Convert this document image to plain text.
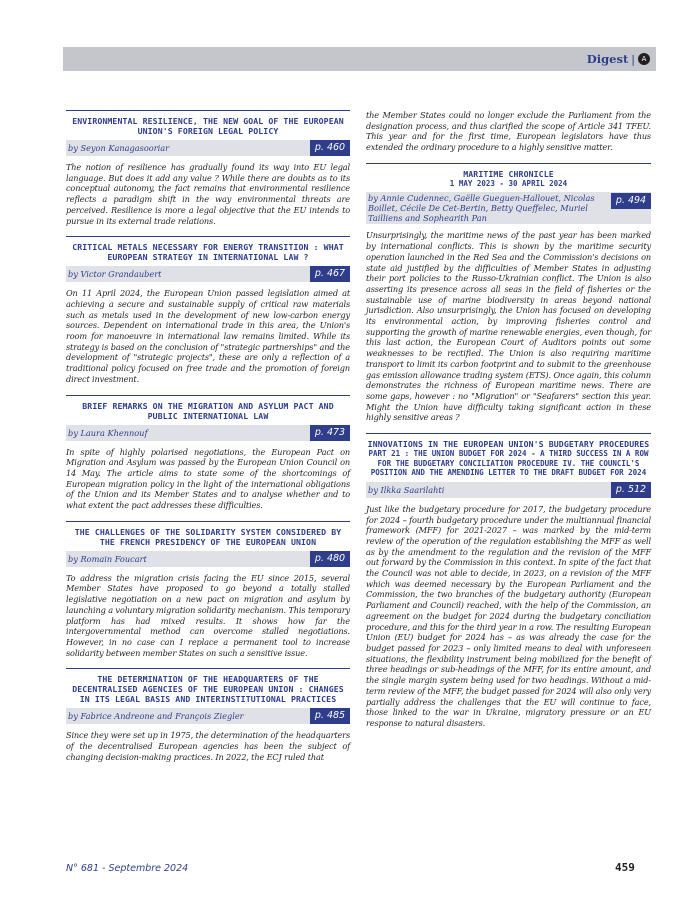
Digest | A
ENVIRONMENTAL RESILIENCE, THE NEW GOAL OF THE EUROPEAN UNION'S FOREIGN LEGAL POLICY
by Seyon Kanagasooriar	p. 460

The notion of resilience has gradually found its way into EU legal language. But does it add any value ? While there are doubts as to its conceptual autonomy, the fact remains that environmental resilience reflects a paradigm shift in the way environmental threats are perceived. Resilience is more a legal objective that the EU intends to pursue in its external trade relations.

CRITICAL METALS NECESSARY FOR ENERGY TRANSITION : WHAT EUROPEAN STRATEGY IN INTERNATIONAL LAW ?
by Victor Grandaubert	p. 467

On 11 April 2024, the European Union passed legislation aimed at achieving a secure and sustainable supply of critical raw materials such as metals used in the development of new low-carbon energy sources. Dependent on international trade in this area, the Union's room for manoeuvre in international law remains limited. While its strategy is based on the conclusion of "strategic partnerships" and the development of "strategic projects", these are only a reflection of a traditional policy focused on free trade and the promotion of foreign direct investment.

BRIEF REMARKS ON THE MIGRATION AND ASYLUM PACT AND PUBLIC INTERNATIONAL LAW
by Laura Khennouf	p. 473

In spite of highly polarised negotiations, the European Pact on Migration and Asylum was passed by the European Union Council on 14 May. The article aims to state some of the shortcomings of European migration policy in the light of the international obligations of the Union and its Member States and to analyse whether and to what extent the pact addresses these difficulties.

THE CHALLENGES OF THE SOLIDARITY SYSTEM CONSIDERED BY THE FRENCH PRESIDENCY OF THE EUROPEAN UNION
by Romain Foucart	p. 480

To address the migration crisis facing the EU since 2015, several Member States have proposed to go beyond a totally stalled legislative negotiation on a new pact on migration and asylum by launching a voluntary migration solidarity mechanism. This temporary platform has had mixed results. It shows how far the intergovernmental method can overcome stalled negotiations. However, in no case can I replace a permanent tool to increase solidarity between member States on such a sensitive issue.

THE DETERMINATION OF THE HEADQUARTERS OF THE DECENTRALISED AGENCIES OF THE EUROPEAN UNION : CHANGES IN ITS LEGAL BASIS AND INTERINSTITUTIONAL PRACTICES
by Fabrice Andreone and François Ziegler	p. 485

Since they were set up in 1975, the determination of the headquarters of the decentralised European agencies has been the subject of changing decision-making practices. In 2022, the ECJ ruled that

the Member States could no longer exclude the Parliament from the designation process, and thus clarified the scope of Article 341 TFEU. This year and for the first time, European legislators have thus extended the ordinary procedure to a highly sensitive matter.

MARITIME CHRONICLE
1 MAY 2023 - 30 APRIL 2024
by Annie Cudennec, Gaëlle Gueguen-Hallouet, Nicolas Boillet, Cécile De Cet-Bertin, Betty Queffelec, Muriel Tailliens and Sophearith Pan
p. 494

Unsurprisingly, the maritime news of the past year has been marked by international conflicts. This is shown by the maritime security operation launched in the Red Sea and the Commission's decisions on state aid justified by the difficulties of Member States in adjusting their port policies to the Russo-Ukrainian conflict. The Union is also asserting its presence across all seas in the field of fisheries or the sustainable use of marine biodiversity in areas beyond national jurisdiction. Also unsurprisingly, the Union has focused on developing its environmental action, by improving fisheries control and supporting the growth of marine renewable energies, even though, for this last action, the European Court of Auditors points out some weaknesses to be rectified. The Union is also requiring maritime transport to limit its carbon footprint and to submit to the greenhouse gas emission allowance trading system (ETS). Once again, this column demonstrates the richness of European maritime news. There are some gaps, however : no "Migration" or "Seafarers" section this year. Might the Union have difficulty taking significant action in these highly sensitive areas ?

INNOVATIONS IN THE EUROPEAN UNION'S BUDGETARY PROCEDURES
PART 21 : THE UNION BUDGET FOR 2024 - A THIRD SUCCESS IN A ROW FOR THE BUDGETARY CONCILIATION PROCEDURE IV. THE COUNCIL'S POSITION AND THE AMENDING LETTER TO THE DRAFT BUDGET FOR 2024
by Ilkka Saarilahti	p. 512

Just like the budgetary procedure for 2017, the budgetary procedure for 2024 – fourth budgetary procedure under the multiannual financial framework (MFF) for 2021-2027 – was marked by the mid-term review of the operation of the regulation establishing the MFF as well as by the amendment to the regulation and the revision of the MFF out forward by the Commission in this context. In spite of the fact that the Council was not able to decide, in 2023, on a revision of the MFF which was deemed necessary by the European Parliament and the Commission, the two branches of the budgetary authority (European Parliament and Council) reached, with the help of the Commission, an agreement on the budget for 2024 during the budgetary conciliation procedure, and this for the third year in a row. The resulting European Union (EU) budget for 2024 has – as was already the case for the budget passed for 2023 – only limited means to deal with unforeseen situations, the flexibility instrument being mobilized for the benefit of three headings or sub-headings of the MFF, for its entire amount, and the single margin system being used for two headings. Without a mid-term review of the MFF, the budget passed for 2024 will also only very partially address the challenges that the EU will continue to face, those linked to the war in Ukraine, migratory pressure or an EU response to natural disasters.

N° 681 - Septembre 2024	459
